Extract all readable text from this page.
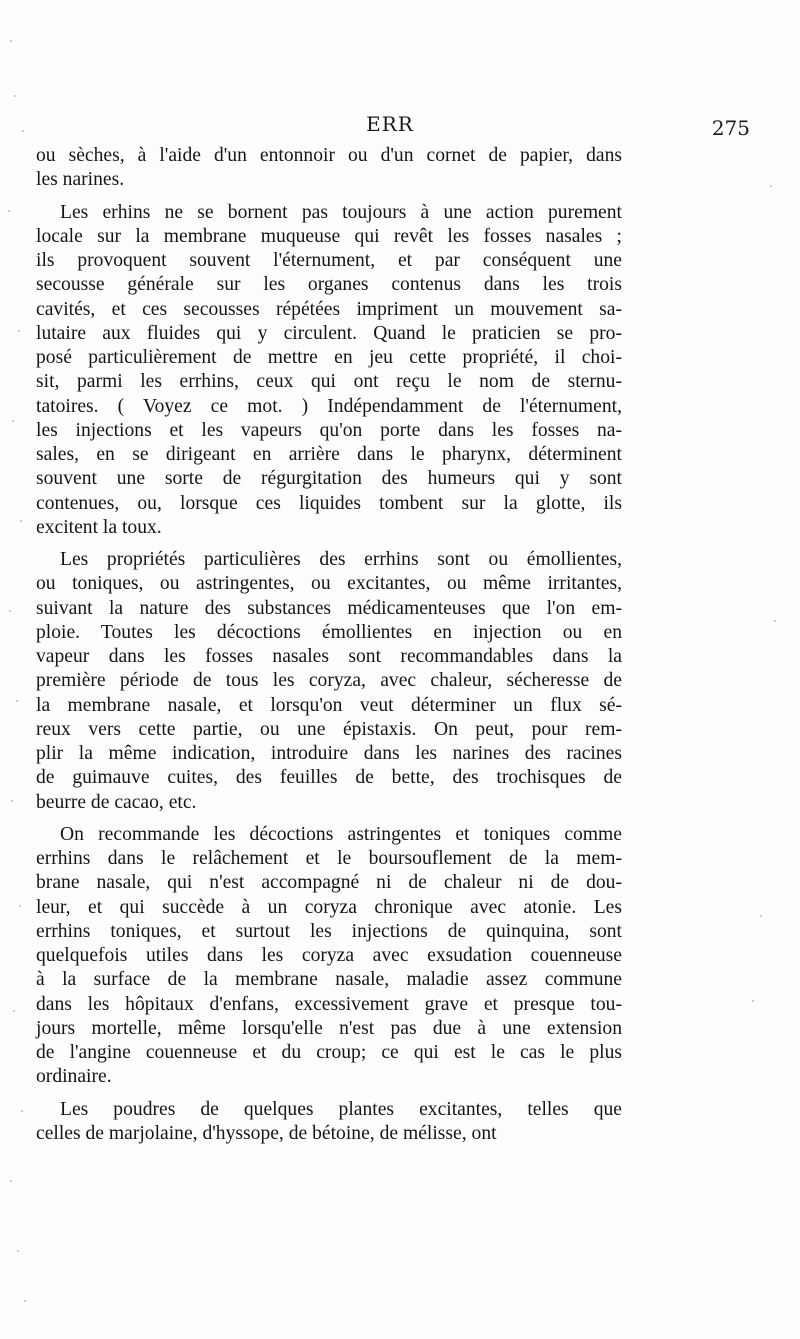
ERR	275
ou sèches, à l'aide d'un entonnoir ou d'un cornet de papier, dans
les narines.
Les erhins ne se bornent pas toujours à une action purement
locale sur la membrane muqueuse qui revêt les fosses nasales ;
ils provoquent souvent l'éternument, et par conséquent une
secousse générale sur les organes contenus dans les trois
cavités, et ces secousses répétées impriment un mouvement sa-
lutaire aux fluides qui y circulent. Quand le praticien se pro-
posé particulièrement de mettre en jeu cette propriété, il choi-
sit, parmi les errhins, ceux qui ont reçu le nom de sternu-
tatoires. ( Voyez ce mot. ) Indépendamment de l'éternument,
les injections et les vapeurs qu'on porte dans les fosses na-
sales, en se dirigeant en arrière dans le pharynx, déterminent
souvent une sorte de régurgitation des humeurs qui y sont
contenues, ou, lorsque ces liquides tombent sur la glotte, ils
excitent la toux.
Les propriétés particulières des errhins sont ou émollientes,
ou toniques, ou astringentes, ou excitantes, ou même irritantes,
suivant la nature des substances médicamenteuses que l'on em-
ploie. Toutes les décoctions émollientes en injection ou en
vapeur dans les fosses nasales sont recommandables dans la
première période de tous les coryza, avec chaleur, sécheresse de
la membrane nasale, et lorsqu'on veut déterminer un flux sé-
reux vers cette partie, ou une épistaxis. On peut, pour rem-
plir la même indication, introduire dans les narines des racines
de guimauve cuites, des feuilles de bette, des trochisques de
beurre de cacao, etc.
On recommande les décoctions astringentes et toniques comme
errhins dans le relâchement et le boursouflement de la mem-
brane nasale, qui n'est accompagné ni de chaleur ni de dou-
leur, et qui succède à un coryza chronique avec atonie. Les
errhins toniques, et surtout les injections de quinquina, sont
quelquefois utiles dans les coryza avec exsudation couenneuse
à la surface de la membrane nasale, maladie assez commune
dans les hôpitaux d'enfans, excessivement grave et presque tou-
jours mortelle, même lorsqu'elle n'est pas due à une extension
de l'angine couenneuse et du croup; ce qui est le cas le plus
ordinaire.
Les poudres de quelques plantes excitantes, telles que
celles de marjolaine, d'hyssope, de bétoine, de mélisse, ont
